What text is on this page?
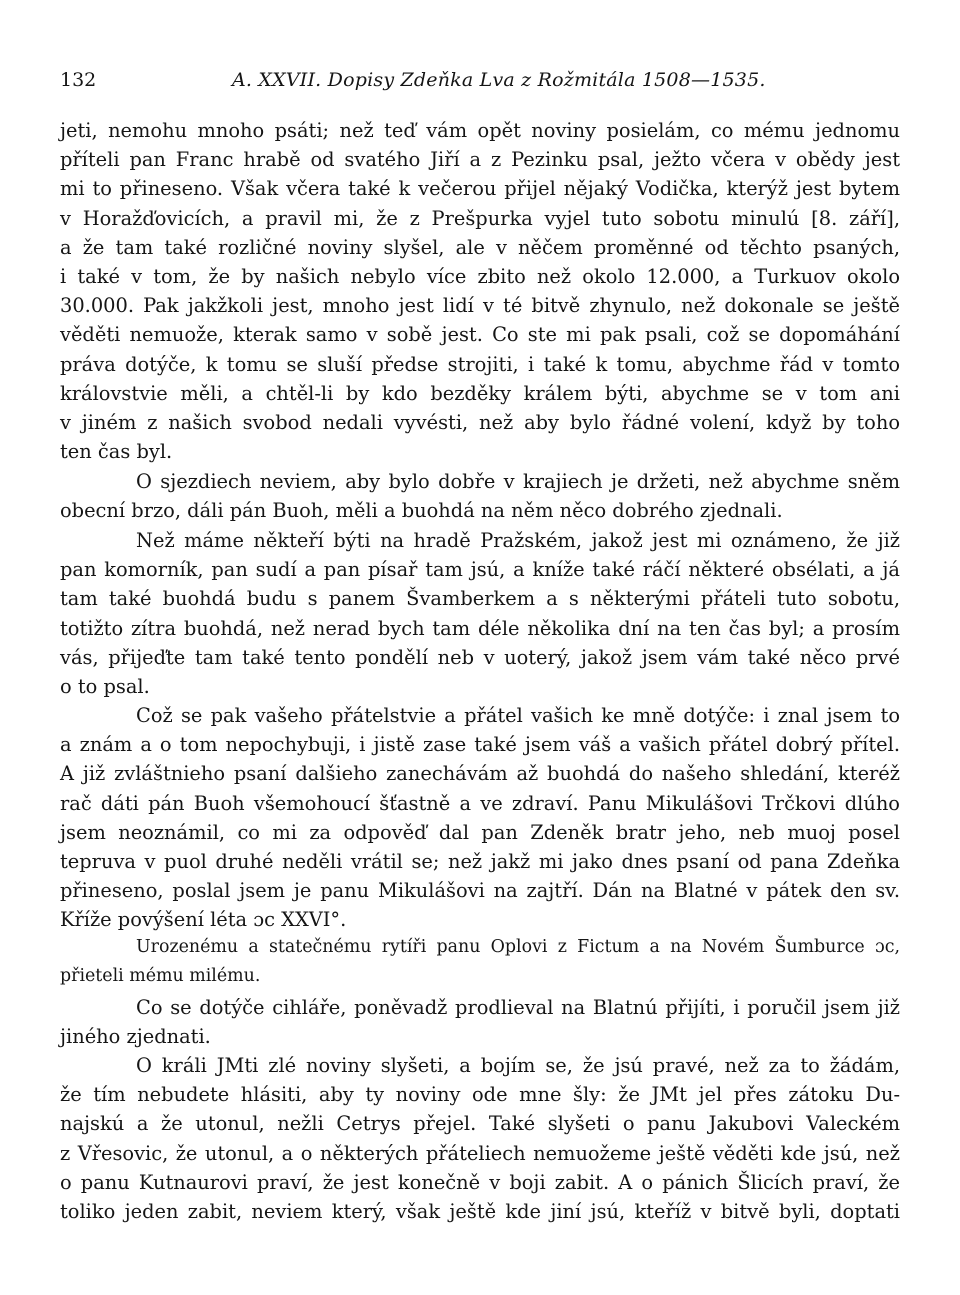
132	A. XXVII. Dopisy Zdeňka Lva z Rožmitála 1508—1535.
jeti, nemohu mnoho psáti; než teď vám opět noviny posielám, co mému jednomu
příteli pan Franc hrabě od svatého Jiří a z Pezinku psal, ježto včera v obědy jest
mi to přineseno. Však včera také k večerou přijel nějaký Vodička, kterýž jest bytem
v Horažďovicích, a pravil mi, že z Prešpurka vyjel tuto sobotu minulú [8. září],
a že tam také rozličné noviny slyšel, ale v něčem proměnné od těchto psaných,
i také v tom, že by našich nebylo více zbito než okolo 12.000, a Turkuov okolo
30.000. Pak jakžkoli jest, mnoho jest lidí v té bitvě zhynulo, než dokonale se ještě
věděti nemuože, kterak samo v sobě jest. Co ste mi pak psali, což se dopomáhání
práva dotýče, k tomu se sluší předse strojiti, i také k tomu, abychme řád v tomto
královstvie měli, a chtěl-li by kdo bezděky králem býti, abychme se v tom ani
v jiném z našich svobod nedali vyvésti, než aby bylo řádné volení, když by toho
ten čas byl.
O sjezdiech neviem, aby bylo dobře v krajiech je držeti, než abychme sněm
obecní brzo, dáli pán Buoh, měli a buohdá na něm něco dobrého zjednali.
Než máme někteří býti na hradě Pražském, jakož jest mi oznámeno, že již
pan komorník, pan sudí a pan písař tam jsú, a kníže také ráčí některé obsélati, a já
tam také buohdá budu s panem Švamberkem a s některými přáteli tuto sobotu,
totižto zítra buohdá, než nerad bych tam déle několika dní na ten čas byl; a prosím
vás, přijeďte tam také tento pondělí neb v uoterý, jakož jsem vám také něco prvé
o to psal.
Což se pak vašeho přátelstvie a přátel vašich ke mně dotýče: i znal jsem to
a znám a o tom nepochybuji, i jistě zase také jsem váš a vašich přátel dobrý přítel.
A již zvláštnieho psaní dalšieho zanechávám až buohdá do našeho shledání, kteréž
rač dáti pán Buoh všemohoucí šťastně a ve zdraví. Panu Mikulášovi Trčkovi dlúho
jsem neoznámil, co mi za odpověď dal pan Zdeněk bratr jeho, neb muoj posel
tepruva v puol druhé neděli vrátil se; než jakž mi jako dnes psaní od pana Zdeňka
přineseno, poslal jsem je panu Mikulášovi na zajtří. Dán na Blatné v pátek den sv.
Kříže povýšení léta ɔc XXVI°.
Urozenému a statečnému rytíři panu Oplovi z Fictum a na Novém Šumburce ɔc,
přieteli mému milému.
Co se dotýče cihláře, poněvadž prodlieval na Blatnú přijíti, i poručil jsem již
jiného zjednati.
O králi JMti zlé noviny slyšeti, a bojím se, že jsú pravé, než za to žádám,
že tím nebudete hlásiti, aby ty noviny ode mne šly: že JMt jel přes zátoku Du-
najskú a že utonul, nežli Cetrys přejel. Také slyšeti o panu Jakubovi Valeckém
z Vřesovic, že utonul, a o některých přáteliech nemuožeme ještě věděti kde jsú, než
o panu Kutnaurovi praví, že jest konečně v boji zabit. A o pánich Šlicích praví, že
toliko jeden zabit, neviem který, však ještě kde jiní jsú, kteříž v bitvě byli, doptati
